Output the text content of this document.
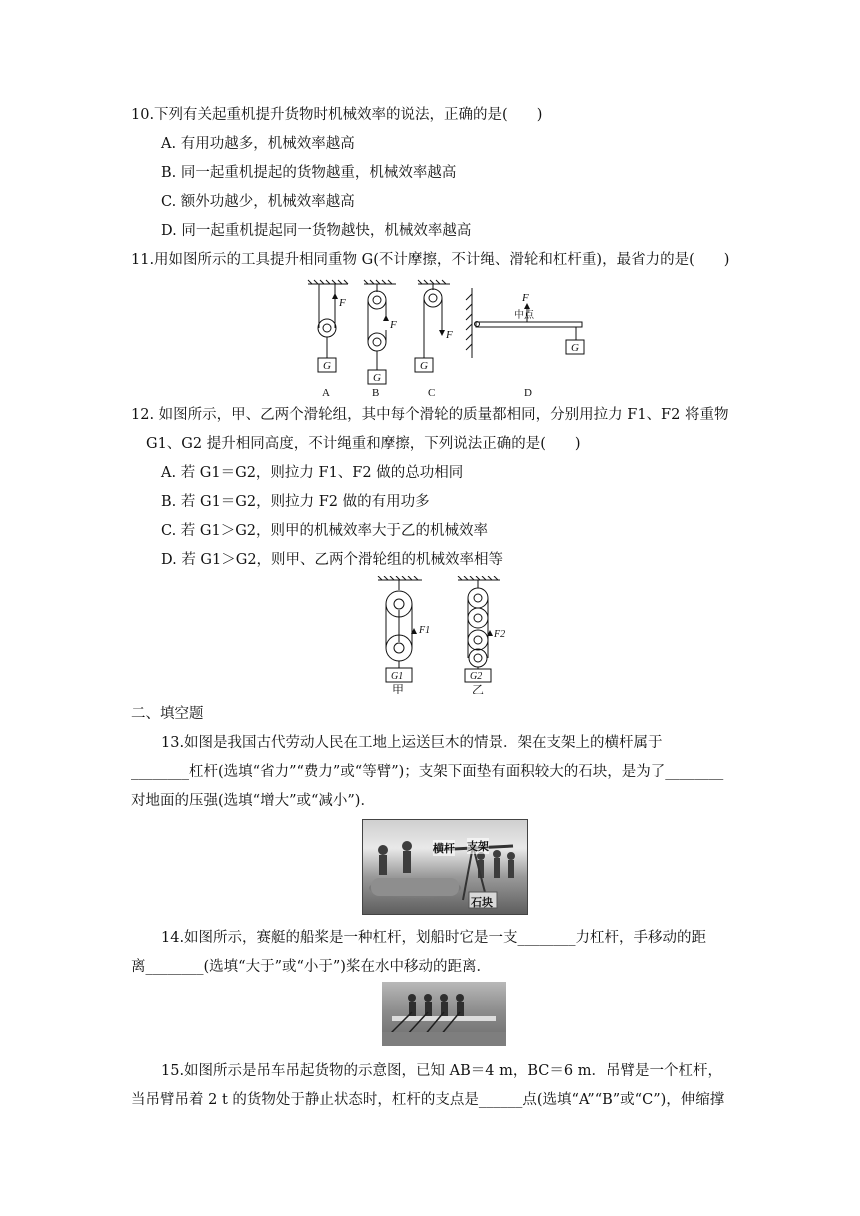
10.下列有关起重机提升货物时机械效率的说法，正确的是(　　)
A. 有用功越多，机械效率越高
B. 同一起重机提起的货物越重，机械效率越高
C. 额外功越少，机械效率越高
D. 同一起重机提起同一货物越快，机械效率越高
11.用如图所示的工具提升相同重物 G(不计摩擦，不计绳、滑轮和杠杆重)，最省力的是(　　)
F
F
F
F
G
G
G
G
中点
A	B	C	D
12. 如图所示，甲、乙两个滑轮组，其中每个滑轮的质量都相同，分别用拉力 F1、F2 将重物
G1、G2 提升相同高度，不计绳重和摩擦，下列说法正确的是(　　)
A. 若 G1＝G2，则拉力 F1、F2 做的总功相同
B. 若 G1＝G2，则拉力 F2 做的有用功多
C. 若 G1＞G2，则甲的机械效率大于乙的机械效率
D. 若 G1＞G2，则甲、乙两个滑轮组的机械效率相等
F1	F2
G1	G2
甲	乙
二、填空题
13.如图是我国古代劳动人民在工地上运送巨木的情景．架在支架上的横杆属于
________杠杆(选填“省力”“费力”或“等臂”)；支架下面垫有面积较大的石块，是为了________
对地面的压强(选填“增大”或“减小”)．
横杆 支架
石块
14.如图所示，赛艇的船桨是一种杠杆，划船时它是一支________力杠杆，手移动的距
离________(选填“大于”或“小于”)桨在水中移动的距离．
15.如图所示是吊车吊起货物的示意图，已知 AB＝4 m，BC＝6 m．吊臂是一个杠杆，
当吊臂吊着 2 t 的货物处于静止状态时，杠杆的支点是______点(选填“A”“B”或“C”)，伸缩撑
